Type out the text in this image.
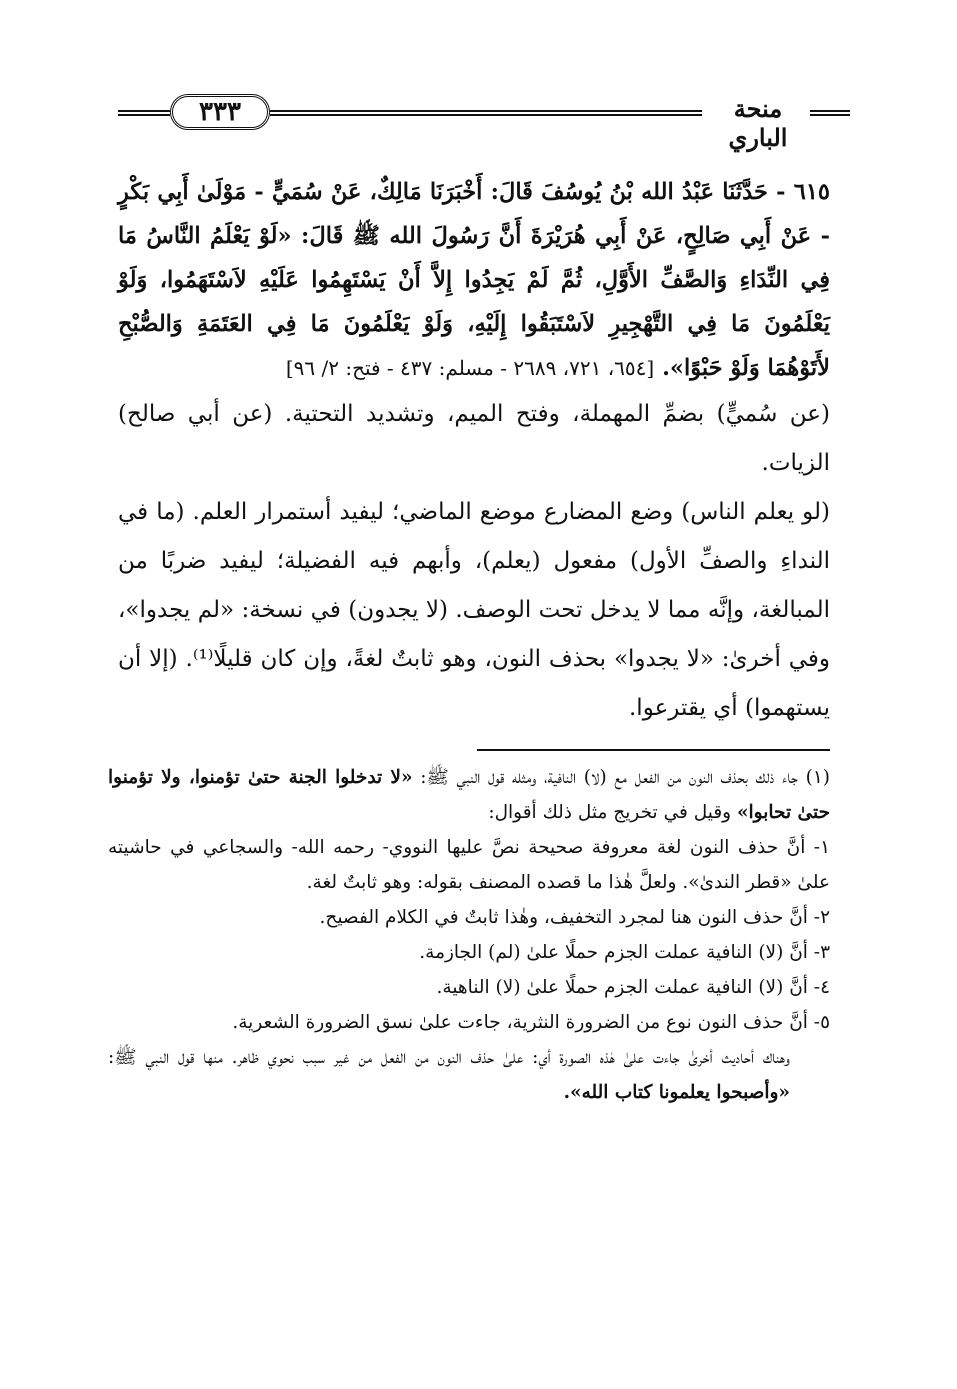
٣٣٣	منحة الباري

٦١٥ - حَدَّثَنَا عَبْدُ الله بْنُ يُوسُفَ قَالَ: أَخْبَرَنَا مَالِكٌ، عَنْ سُمَيٍّ - مَوْلَىٰ أَبِي بَكْرٍ - عَنْ أَبِي صَالِحٍ، عَنْ أَبِي هُرَيْرَةَ أَنَّ رَسُولَ الله ﷺ قَالَ: «لَوْ يَعْلَمُ النَّاسُ مَا فِي النِّدَاءِ وَالصَّفِّ الأَوَّلِ، ثُمَّ لَمْ يَجِدُوا إِلاَّ أَنْ يَسْتَهِمُوا عَلَيْهِ لاَسْتَهَمُوا، وَلَوْ يَعْلَمُونَ مَا فِي التَّهْجِيرِ لاَسْتَبَقُوا إِلَيْهِ، وَلَوْ يَعْلَمُونَ مَا فِي العَتَمَةِ وَالصُّبْحِ لأَتَوْهُمَا وَلَوْ حَبْوًا». [٦٥٤، ٧٢١، ٢٦٨٩ - مسلم: ٤٣٧ - فتح: ٢/ ٩٦]

(عن سُميٍّ) بضمِّ المهملة، وفتح الميم، وتشديد التحتية. (عن أبي صالح) الزيات.

(لو يعلم الناس) وضع المضارع موضع الماضي؛ ليفيد أستمرار العلم. (ما في النداءِ والصفِّ الأول) مفعول (يعلم)، وأبهم فيه الفضيلة؛ ليفيد ضربًا من المبالغة، وإنَّه مما لا يدخل تحت الوصف. (لا يجدون) في نسخة: «لم يجدوا»، وفي أخرىٰ: «لا يجدوا» بحذف النون، وهو ثابتٌ لغةً، وإن كان قليلًا⁽¹⁾. (إلا أن يستهموا) أي يقترعوا.

(١) جاء ذلك بحذف النون من الفعل مع (لا) النافية، ومثله قول النبي ﷺ: «لا تدخلوا الجنة حتىٰ تؤمنوا، ولا تؤمنوا حتىٰ تحابوا» وقيل في تخريج مثل ذلك أقوال:

١- أنَّ حذف النون لغة معروفة صحيحة نصَّ عليها النووي- رحمه الله- والسجاعي في حاشيته علىٰ «قطر الندىٰ». ولعلَّ هٰذا ما قصده المصنف بقوله: وهو ثابتٌ لغة.

٢- أنَّ حذف النون هنا لمجرد التخفيف، وهٰذا ثابتٌ في الكلام الفصيح.

٣- أنَّ (لا) النافية عملت الجزم حملًا علىٰ (لم) الجازمة.

٤- أنَّ (لا) النافية عملت الجزم حملًا علىٰ (لا) الناهية.

٥- أنَّ حذف النون نوع من الضرورة النثرية، جاءت علىٰ نسق الضرورة الشعرية.

وهناك أحاديث أخرىٰ جاءت علىٰ هٰذه الصورة أي: علىٰ حذف النون من الفعل من غير سبب نحوي ظاهر. منها قول النبي ﷺ: «وأصبحوا يعلمونا كتاب الله».
